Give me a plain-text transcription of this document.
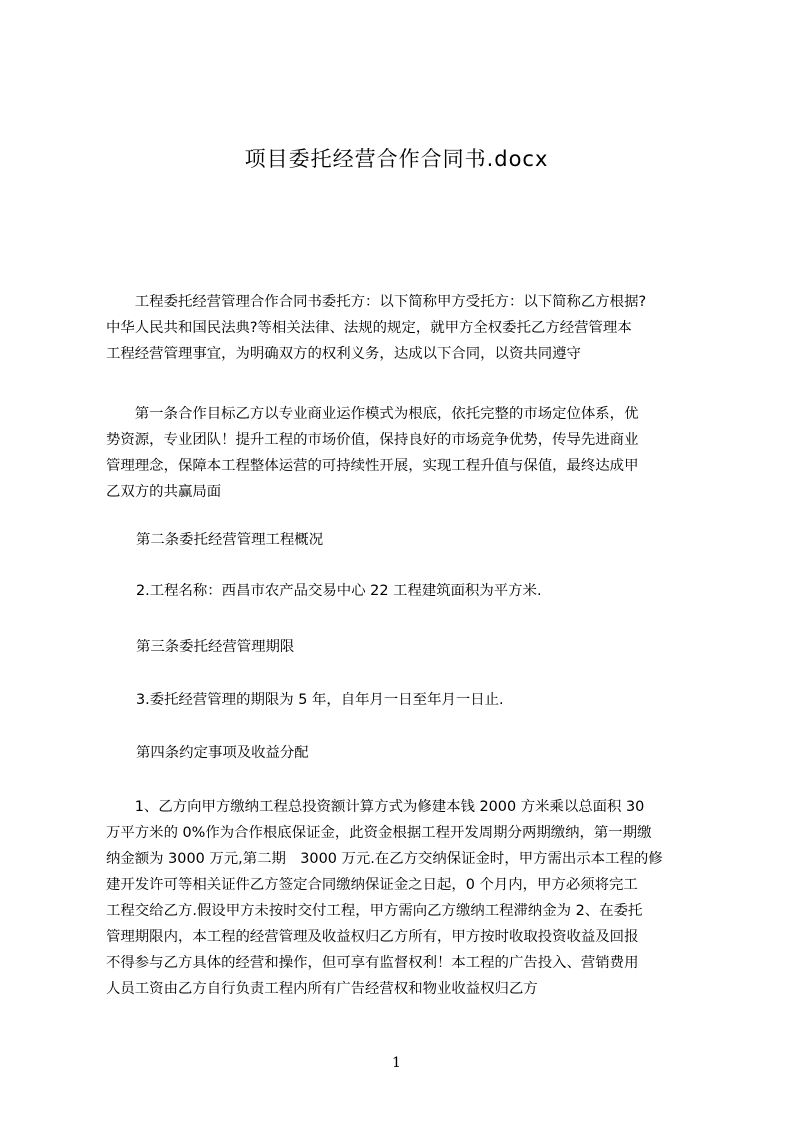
项目委托经营合作合同书.docx
　　工程委托经营管理合作合同书委托方：以下简称甲方受托方：以下简称乙方根据?
中华人民共和国民法典?等相关法律、法规的规定，就甲方全权委托乙方经营管理本
工程经营管理事宜，为明确双方的权利义务，达成以下合同，以资共同遵守
　　第一条合作目标乙方以专业商业运作模式为根底，依托完整的市场定位体系，优
势资源，专业团队！提升工程的市场价值，保持良好的市场竞争优势，传导先进商业
管理理念，保障本工程整体运营的可持续性开展，实现工程升值与保值，最终达成甲
乙双方的共赢局面
第二条委托经营管理工程概况
2.工程名称：西昌市农产品交易中心 22 工程建筑面积为平方米.
第三条委托经营管理期限
3.委托经营管理的期限为 5 年，自年月一日至年月一日止.
第四条约定事项及收益分配
　　1、乙方向甲方缴纳工程总投资额计算方式为修建本钱 2000 方米乘以总面积 30
万平方米的 0%作为合作根底保证金，此资金根据工程开发周期分两期缴纳，第一期缴
纳金额为 3000 万元,第二期　3000 万元.在乙方交纳保证金时，甲方需出示本工程的修
建开发许可等相关证件乙方签定合同缴纳保证金之日起，0 个月内，甲方必须将完工
工程交给乙方.假设甲方未按时交付工程，甲方需向乙方缴纳工程滞纳金为 2、在委托
管理期限内，本工程的经营管理及收益权归乙方所有，甲方按时收取投资收益及回报
不得参与乙方具体的经营和操作，但可享有监督权利！本工程的广告投入、营销费用
人员工资由乙方自行负责工程内所有广告经营权和物业收益权归乙方
1
